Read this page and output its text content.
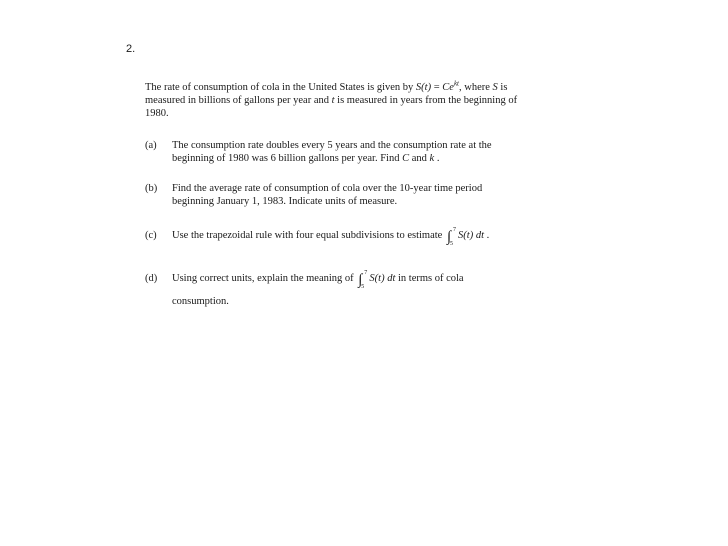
2.
The rate of consumption of cola in the United States is given by $S(t) = Ce^{kt}$, where S is
measured in billions of gallons per year and t is measured in years from the beginning of
1980.
(a) The consumption rate doubles every 5 years and the consumption rate at the
beginning of 1980 was 6 billion gallons per year. Find C and k .
(b) Find the average rate of consumption of cola over the 10-year time period
beginning January 1, 1983. Indicate units of measure.
(c) Use the trapezoidal rule with four equal subdivisions to estimate ∫ 7
5
S(t) dt .
(d) Using correct units, explain the meaning of ∫ 7
5
S(t) dt in terms of cola
consumption.
